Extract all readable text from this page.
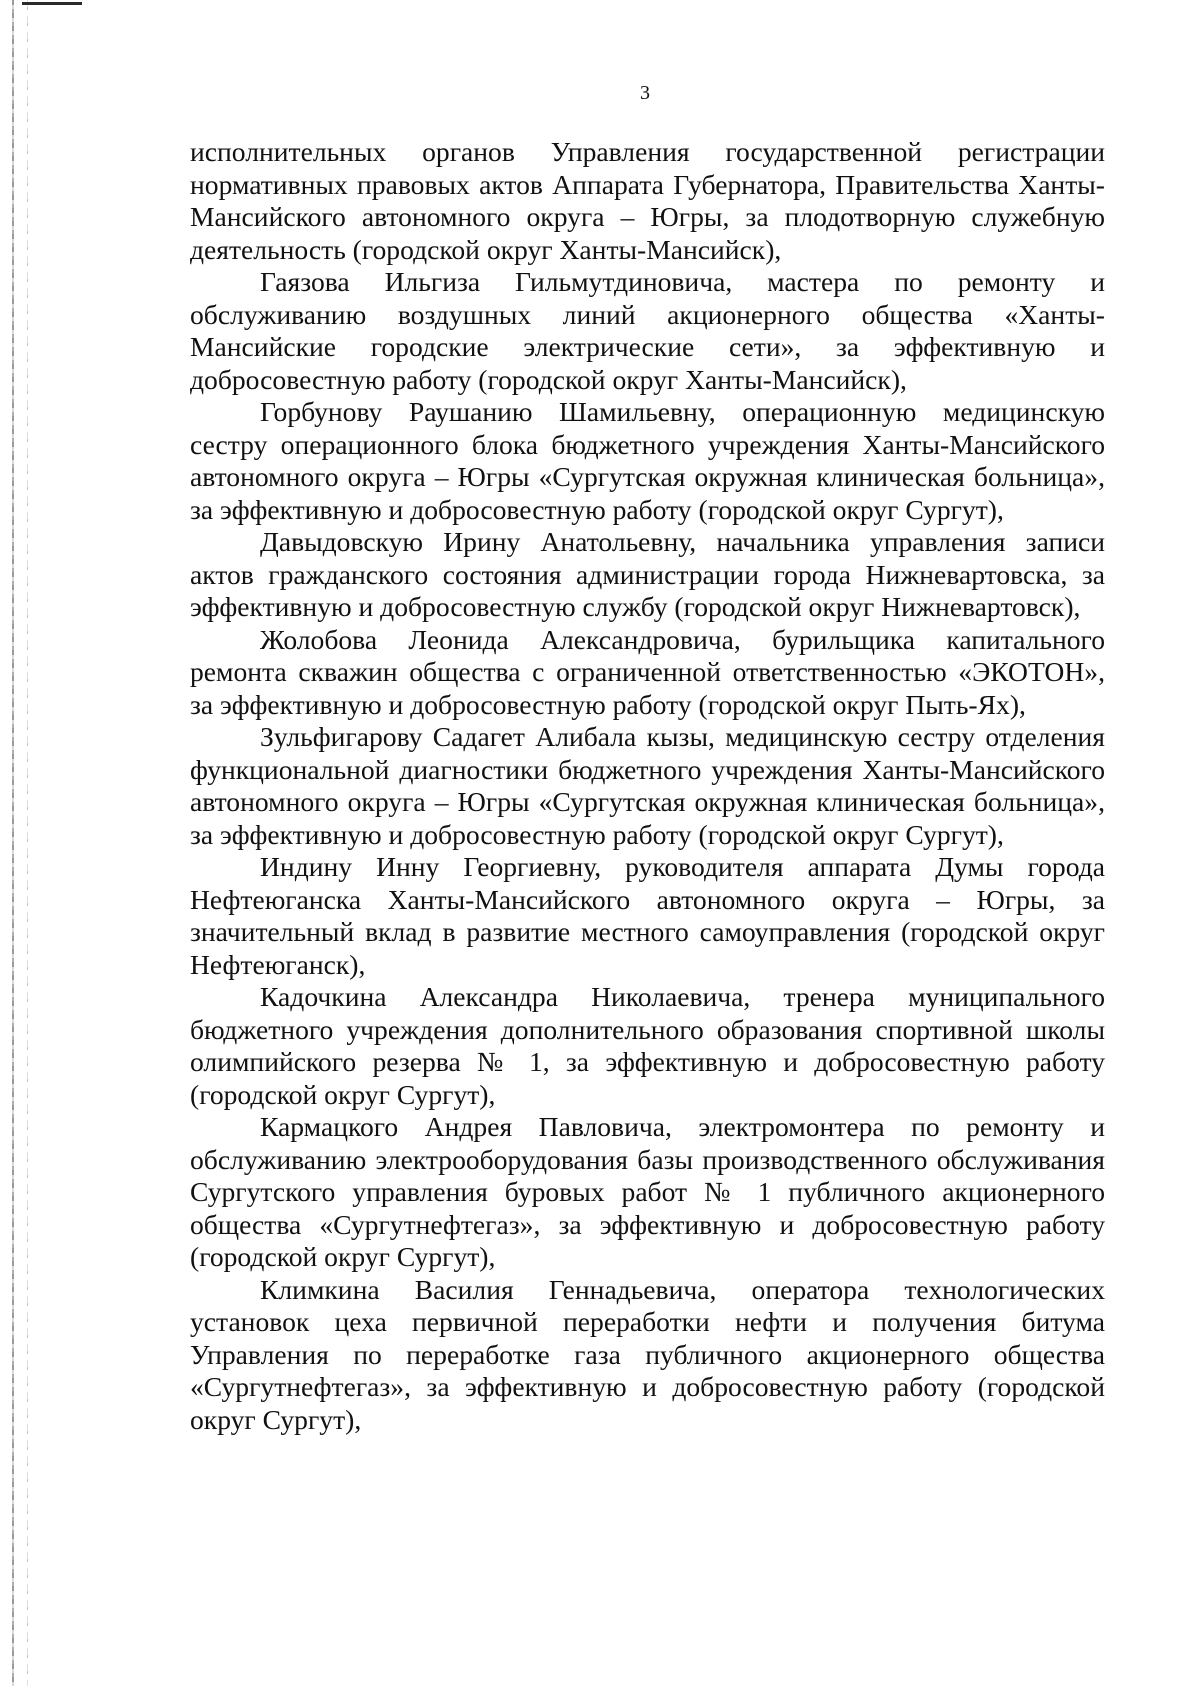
3

исполнительных органов Управления государственной регистрации нормативных правовых актов Аппарата Губернатора, Правительства Ханты-Мансийского автономного округа – Югры, за плодотворную служебную деятельность (городской округ Ханты-Мансийск),

Гаязова Ильгиза Гильмутдиновича, мастера по ремонту и обслуживанию воздушных линий акционерного общества «Ханты-Мансийские городские электрические сети», за эффективную и добросовестную работу (городской округ Ханты-Мансийск),

Горбунову Раушанию Шамильевну, операционную медицинскую сестру операционного блока бюджетного учреждения Ханты-Мансийского автономного округа – Югры «Сургутская окружная клиническая больница», за эффективную и добросовестную работу (городской округ Сургут),

Давыдовскую Ирину Анатольевну, начальника управления записи актов гражданского состояния администрации города Нижневартовска, за эффективную и добросовестную службу (городской округ Нижневартовск),

Жолобова Леонида Александровича, бурильщика капитального ремонта скважин общества с ограниченной ответственностью «ЭКОТОН», за эффективную и добросовестную работу (городской округ Пыть-Ях),

Зульфигарову Садагет Алибала кызы, медицинскую сестру отделения функциональной диагностики бюджетного учреждения Ханты-Мансийского автономного округа – Югры «Сургутская окружная клиническая больница», за эффективную и добросовестную работу (городской округ Сургут),

Индину Инну Георгиевну, руководителя аппарата Думы города Нефтеюганска Ханты-Мансийского автономного округа – Югры, за значительный вклад в развитие местного самоуправления (городской округ Нефтеюганск),

Кадочкина Александра Николаевича, тренера муниципального бюджетного учреждения дополнительного образования спортивной школы олимпийского резерва № 1, за эффективную и добросовестную работу (городской округ Сургут),

Кармацкого Андрея Павловича, электромонтера по ремонту и обслуживанию электрооборудования базы производственного обслуживания Сургутского управления буровых работ № 1 публичного акционерного общества «Сургутнефтегаз», за эффективную и добросовестную работу (городской округ Сургут),

Климкина Василия Геннадьевича, оператора технологических установок цеха первичной переработки нефти и получения битума Управления по переработке газа публичного акционерного общества «Сургутнефтегаз», за эффективную и добросовестную работу (городской округ Сургут),
